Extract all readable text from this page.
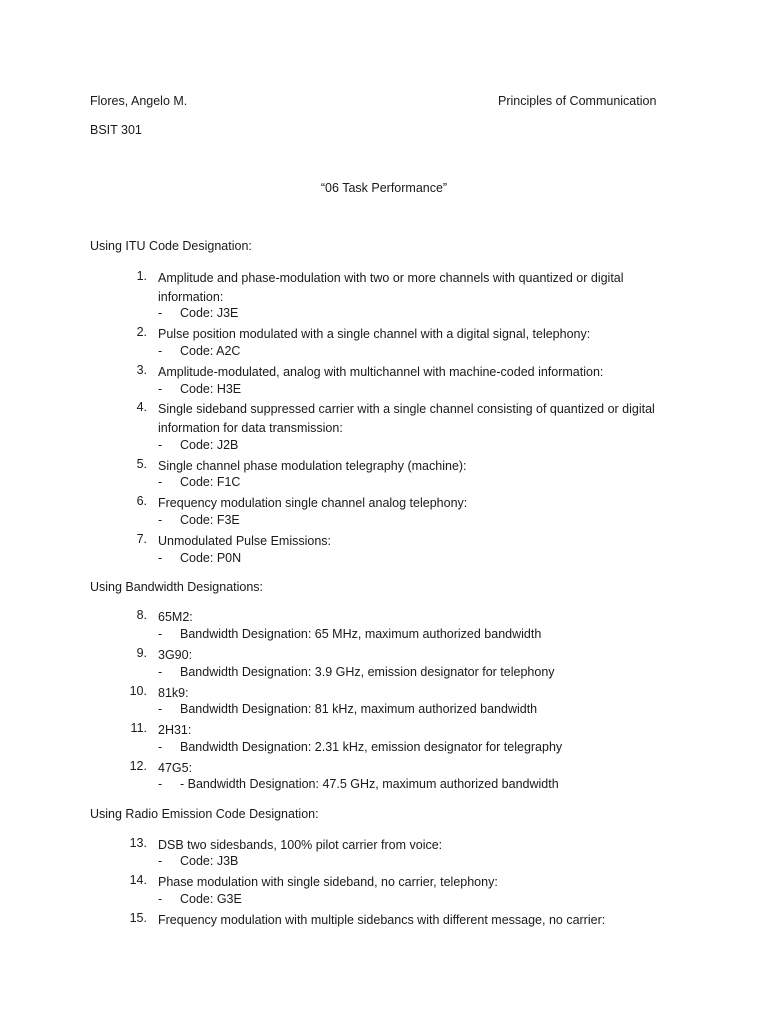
Flores, Angelo M.	Principles of Communication
BSIT 301
“06 Task Performance”
Using ITU Code Designation:
1. Amplitude and phase-modulation with two or more channels with quantized or digital information:
- Code: J3E
2. Pulse position modulated with a single channel with a digital signal, telephony:
- Code: A2C
3. Amplitude-modulated, analog with multichannel with machine-coded information:
- Code: H3E
4. Single sideband suppressed carrier with a single channel consisting of quantized or digital information for data transmission:
- Code: J2B
5. Single channel phase modulation telegraphy (machine):
- Code: F1C
6. Frequency modulation single channel analog telephony:
- Code: F3E
7. Unmodulated Pulse Emissions:
- Code: P0N
Using Bandwidth Designations:
8. 65M2:
- Bandwidth Designation: 65 MHz, maximum authorized bandwidth
9. 3G90:
- Bandwidth Designation: 3.9 GHz, emission designator for telephony
10. 81k9:
- Bandwidth Designation: 81 kHz, maximum authorized bandwidth
11. 2H31:
- Bandwidth Designation: 2.31 kHz, emission designator for telegraphy
12. 47G5:
- - Bandwidth Designation: 47.5 GHz, maximum authorized bandwidth
Using Radio Emission Code Designation:
13. DSB two sidesbands, 100% pilot carrier from voice:
- Code: J3B
14. Phase modulation with single sideband, no carrier, telephony:
- Code: G3E
15. Frequency modulation with multiple sidebancs with different message, no carrier:
